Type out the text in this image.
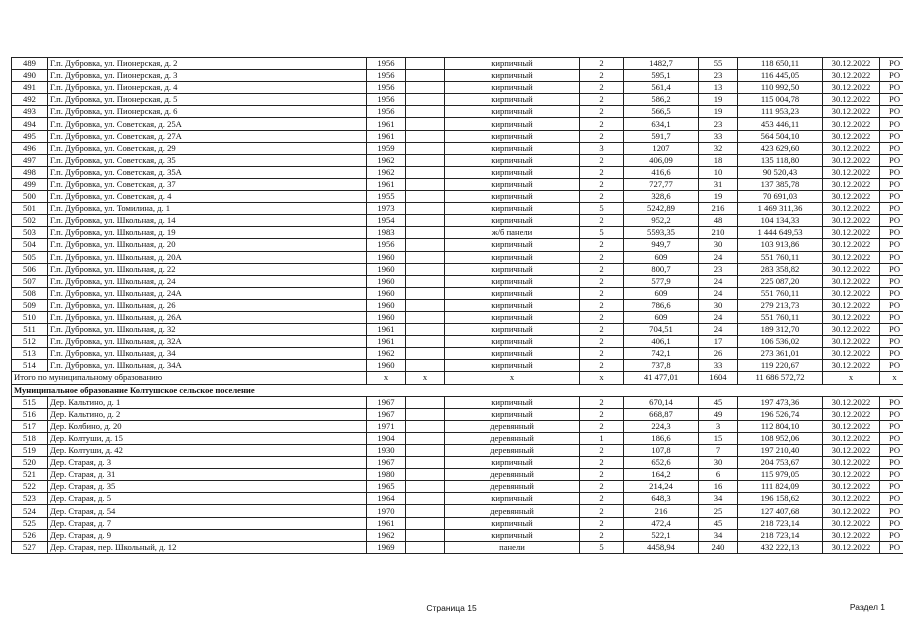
489	Г.п. Дубровка, ул. Пионерская, д. 2	1956		кирпичный	2	1482,7	55	118 650,11	30.12.2022	РО
490	Г.п. Дубровка, ул. Пионерская, д. 3	1956		кирпичный	2	595,1	23	116 445,05	30.12.2022	РО
491	Г.п. Дубровка, ул. Пионерская, д. 4	1956		кирпичный	2	561,4	13	110 992,50	30.12.2022	РО
492	Г.п. Дубровка, ул. Пионерская, д. 5	1956		кирпичный	2	586,2	19	115 004,78	30.12.2022	РО
493	Г.п. Дубровка, ул. Пионерская, д. 6	1956		кирпичный	2	566,5	19	111 953,23	30.12.2022	РО
494	Г.п. Дубровка, ул. Советская, д. 25А	1961		кирпичный	2	634,1	23	453 446,11	30.12.2022	РО
495	Г.п. Дубровка, ул. Советская, д. 27А	1961		кирпичный	2	591,7	33	564 504,10	30.12.2022	РО
496	Г.п. Дубровка, ул. Советская, д. 29	1959		кирпичный	3	1207	32	423 629,60	30.12.2022	РО
497	Г.п. Дубровка, ул. Советская, д. 35	1962		кирпичный	2	406,09	18	135 118,80	30.12.2022	РО
498	Г.п. Дубровка, ул. Советская, д. 35А	1962		кирпичный	2	416,6	10	90 520,43	30.12.2022	РО
499	Г.п. Дубровка, ул. Советская, д. 37	1961		кирпичный	2	727,77	31	137 385,78	30.12.2022	РО
500	Г.п. Дубровка, ул. Советская, д. 4	1955		кирпичный	2	328,6	19	70 691,03	30.12.2022	РО
501	Г.п. Дубровка, ул. Томилина, д. 1	1973		кирпичный	5	5242,89	216	1 469 311,36	30.12.2022	РО
502	Г.п. Дубровка, ул. Школьная, д. 14	1954		кирпичный	2	952,2	48	104 134,33	30.12.2022	РО
503	Г.п. Дубровка, ул. Школьная, д. 19	1983		ж/б панели	5	5593,35	210	1 444 649,53	30.12.2022	РО
504	Г.п. Дубровка, ул. Школьная, д. 20	1956		кирпичный	2	949,7	30	103 913,86	30.12.2022	РО
505	Г.п. Дубровка, ул. Школьная, д. 20А	1960		кирпичный	2	609	24	551 760,11	30.12.2022	РО
506	Г.п. Дубровка, ул. Школьная, д. 22	1960		кирпичный	2	800,7	23	283 358,82	30.12.2022	РО
507	Г.п. Дубровка, ул. Школьная, д. 24	1960		кирпичный	2	577,9	24	225 087,20	30.12.2022	РО
508	Г.п. Дубровка, ул. Школьная, д. 24А	1960		кирпичный	2	609	24	551 760,11	30.12.2022	РО
509	Г.п. Дубровка, ул. Школьная, д. 26	1960		кирпичный	2	786,6	30	279 213,73	30.12.2022	РО
510	Г.п. Дубровка, ул. Школьная, д. 26А	1960		кирпичный	2	609	24	551 760,11	30.12.2022	РО
511	Г.п. Дубровка, ул. Школьная, д. 32	1961		кирпичный	2	704,51	24	189 312,70	30.12.2022	РО
512	Г.п. Дубровка, ул. Школьная, д. 32А	1961		кирпичный	2	406,1	17	106 536,02	30.12.2022	РО
513	Г.п. Дубровка, ул. Школьная, д. 34	1962		кирпичный	2	742,1	26	273 361,01	30.12.2022	РО
514	Г.п. Дубровка, ул. Школьная, д. 34А	1960		кирпичный	2	737,8	33	119 220,67	30.12.2022	РО
Итого по муниципальному образованию		x	x	x	x	41 477,01	1604	11 686 572,72	x	x
Муниципальное образование Колтушское сельское поселение										
515	Дер. Кальтино, д. 1	1967		кирпичный	2	670,14	45	197 473,36	30.12.2022	РО
516	Дер. Кальтино, д. 2	1967		кирпичный	2	668,87	49	196 526,74	30.12.2022	РО
517	Дер. Колбино, д. 20	1971		деревянный	2	224,3	3	112 804,10	30.12.2022	РО
518	Дер. Колтуши, д. 15	1904		деревянный	1	186,6	15	108 952,06	30.12.2022	РО
519	Дер. Колтуши, д. 42	1930		деревянный	2	107,8	7	197 210,40	30.12.2022	РО
520	Дер. Старая, д. 3	1967		кирпичный	2	652,6	30	204 753,67	30.12.2022	РО
521	Дер. Старая, д. 31	1980		деревянный	2	164,2	6	115 979,05	30.12.2022	РО
522	Дер. Старая, д. 35	1965		деревянный	2	214,24	16	111 824,09	30.12.2022	РО
523	Дер. Старая, д. 5	1964		кирпичный	2	648,3	34	196 158,62	30.12.2022	РО
524	Дер. Старая, д. 54	1970		деревянный	2	216	25	127 407,68	30.12.2022	РО
525	Дер. Старая, д. 7	1961		кирпичный	2	472,4	45	218 723,14	30.12.2022	РО
526	Дер. Старая, д. 9	1962		кирпичный	2	522,1	34	218 723,14	30.12.2022	РО
527	Дер. Старая, пер. Школьный, д. 12	1969		панели	5	4458,94	240	432 222,13	30.12.2022	РО
Страница 15	Раздел 1
